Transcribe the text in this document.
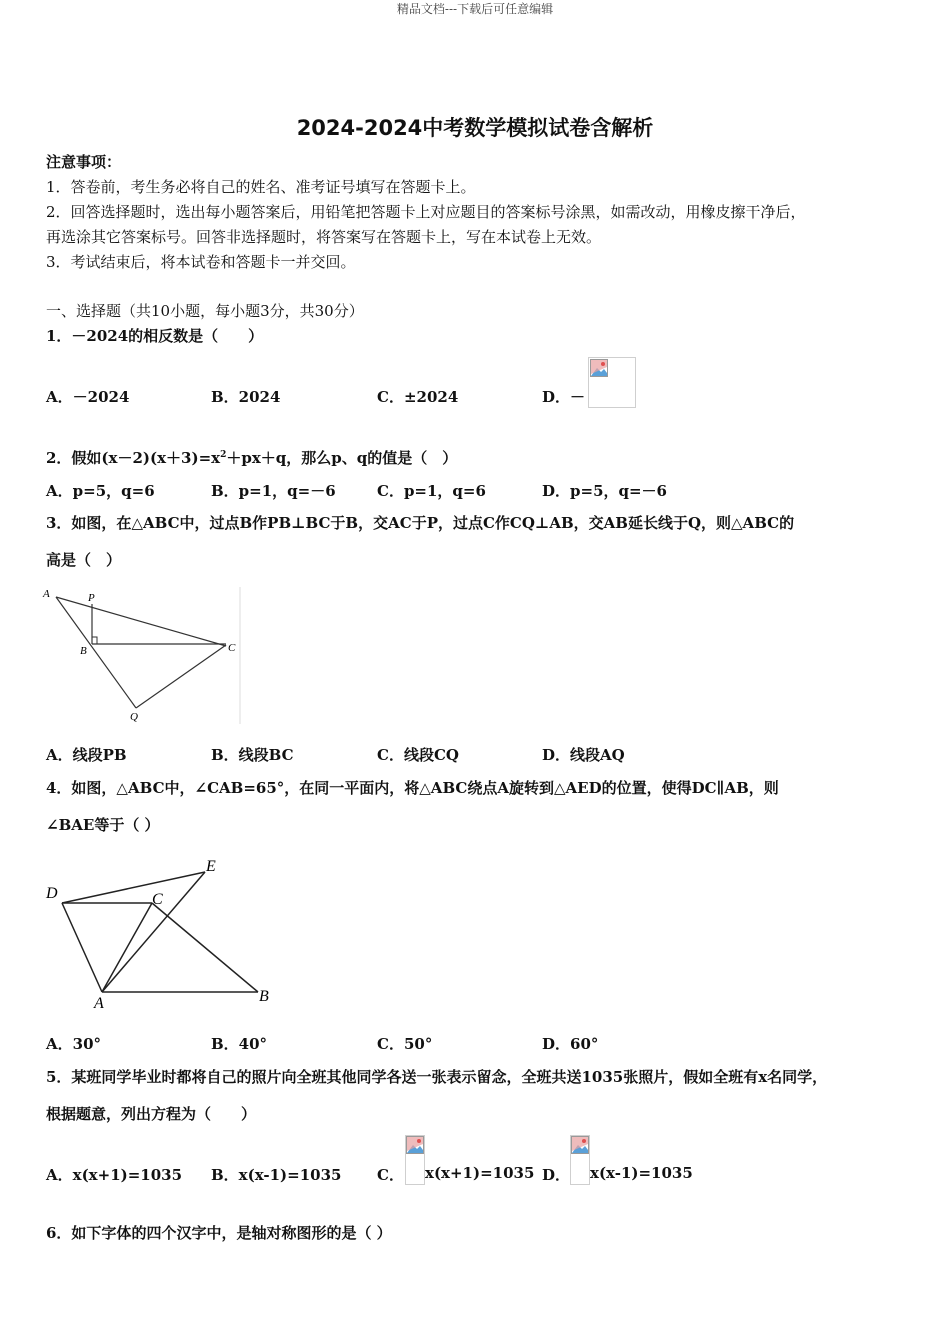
精品文档---下载后可任意编辑
2024-2024中考数学模拟试卷含解析
注意事项：
1．答卷前，考生务必将自己的姓名、准考证号填写在答题卡上。
2．回答选择题时，选出每小题答案后，用铅笔把答题卡上对应题目的答案标号涂黑，如需改动，用橡皮擦干净后，
再选涂其它答案标号。回答非选择题时，将答案写在答题卡上，写在本试卷上无效。
3．考试结束后，将本试卷和答题卡一并交回。
一、选择题（共10小题，每小题3分，共30分）
1．－2024的相反数是（　　）
A．－2024	B．2024	C．±2024	D．－
2．假如$(x-2)(x+3)=x^2+px+q$，那么p、q的值是（　）
A．p=5，q=6	B．p=1，q=－6	C．p=1，q=6	D．p=5，q=－6
3．如图，在△ABC中，过点B作PB⊥BC于B，交AC于P，过点C作CQ⊥AB，交AB延长线于Q，则△ABC的
高是（　）
A	P
B	C
Q
A．线段PB	B．线段BC	C．线段CQ	D．线段AQ
4．如图，△ABC中，∠CAB=65°，在同一平面内，将△ABC绕点A旋转到△AED的位置，使得DC∥AB，则
∠BAE等于（ ）
D
E
C
A	B
A．30°	B．40°	C．50°	D．60°
5．某班同学毕业时都将自己的照片向全班其他同学各送一张表示留念，全班共送1035张照片，假如全班有x名同学，
根据题意，列出方程为（　　）
A．x(x+1)=1035 B．x(x-1)=1035 C． x(x+1)=1035 D． x(x-1)=1035
6．如下字体的四个汉字中，是轴对称图形的是（ ）
